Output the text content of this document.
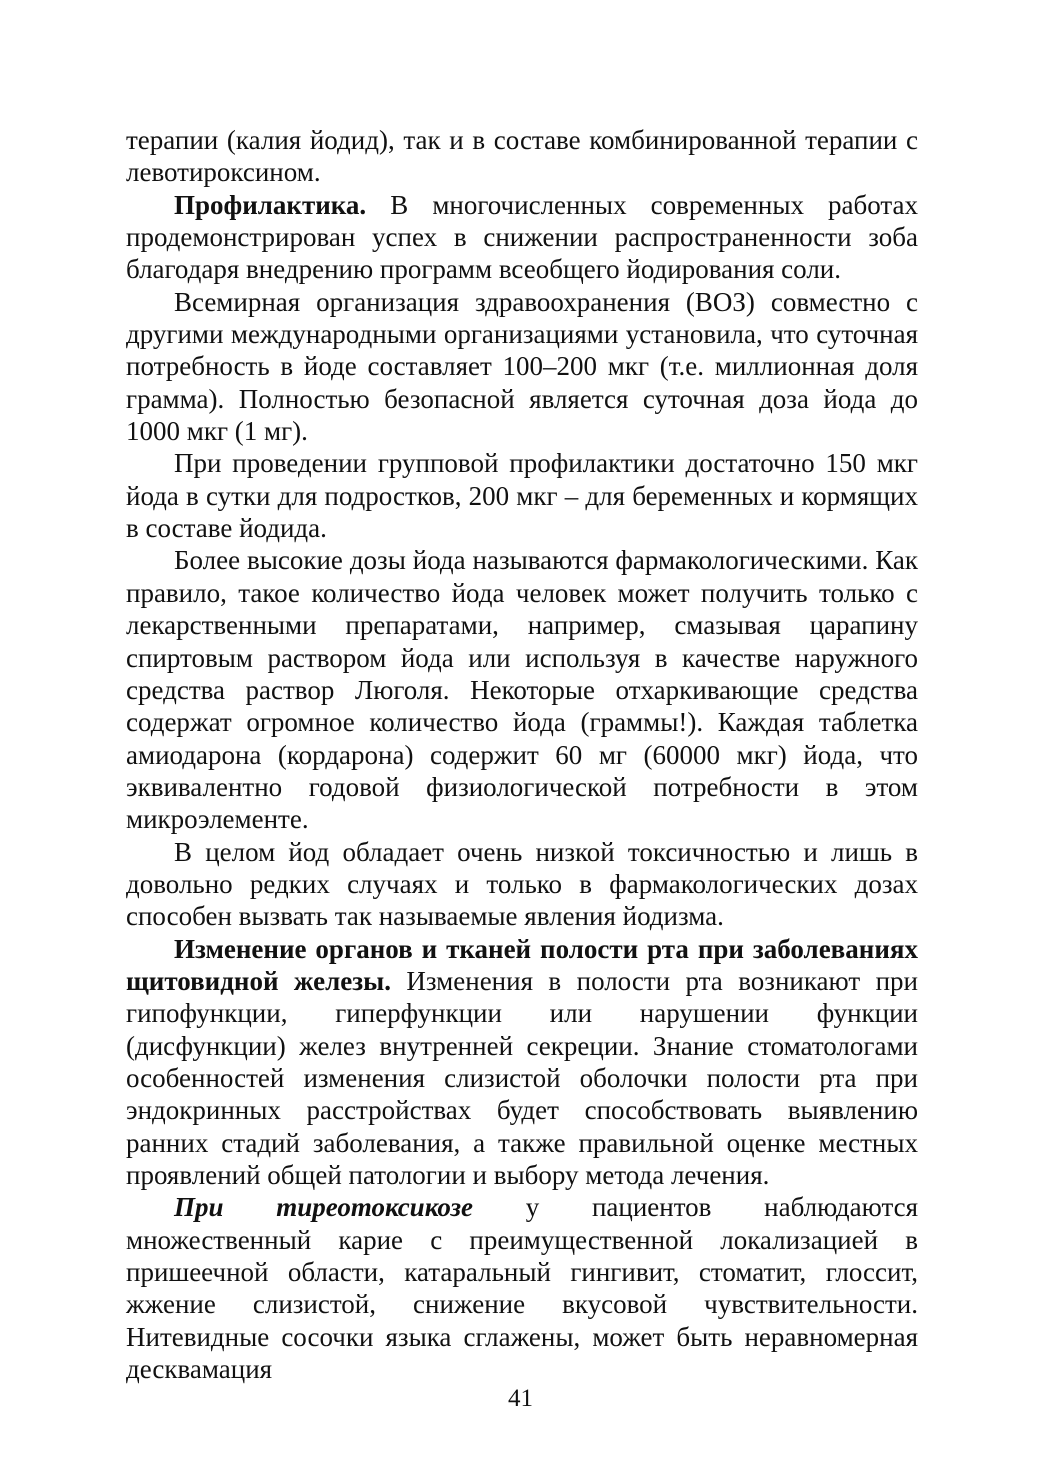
терапии (калия йодид), так и в составе комбинированной терапии с левотироксином.

Профилактика. В многочисленных современных работах продемонстрирован успех в снижении распространенности зоба благодаря внедрению программ всеобщего йодирования соли.

Всемирная организация здравоохранения (ВОЗ) совместно с другими международными организациями установила, что суточная потребность в йоде составляет 100–200 мкг (т.е. миллионная доля грамма). Полностью безопасной является суточная доза йода до 1000 мкг (1 мг).

При проведении групповой профилактики достаточно 150 мкг йода в сутки для подростков, 200 мкг – для беременных и кормящих в составе йодида.

Более высокие дозы йода называются фармакологическими. Как правило, такое количество йода человек может получить только с лекарственными препаратами, например, смазывая царапину спиртовым раствором йода или используя в качестве наружного средства раствор Люголя. Некоторые отхаркивающие средства содержат огромное количество йода (граммы!). Каждая таблетка амиодарона (кордарона) содержит 60 мг (60000 мкг) йода, что эквивалентно годовой физиологической потребности в этом микроэлементе.

В целом йод обладает очень низкой токсичностью и лишь в довольно редких случаях и только в фармакологических дозах способен вызвать так называемые явления йодизма.

Изменение органов и тканей полости рта при заболеваниях щитовидной железы. Изменения в полости рта возникают при гипофункции, гиперфункции или нарушении функции (дисфункции) желез внутренней секреции. Знание стоматологами особенностей изменения слизистой оболочки полости рта при эндокринных расстройствах будет способствовать выявлению ранних стадий заболевания, а также правильной оценке местных проявлений общей патологии и выбору метода лечения.

При тиреотоксикозе у пациентов наблюдаются множественный карие с преимущественной локализацией в пришеечной области, катаральный гингивит, стоматит, глоссит, жжение слизистой, снижение вкусовой чувствительности. Нитевидные сосочки языка сглажены, может быть неравномерная десквамация

41
